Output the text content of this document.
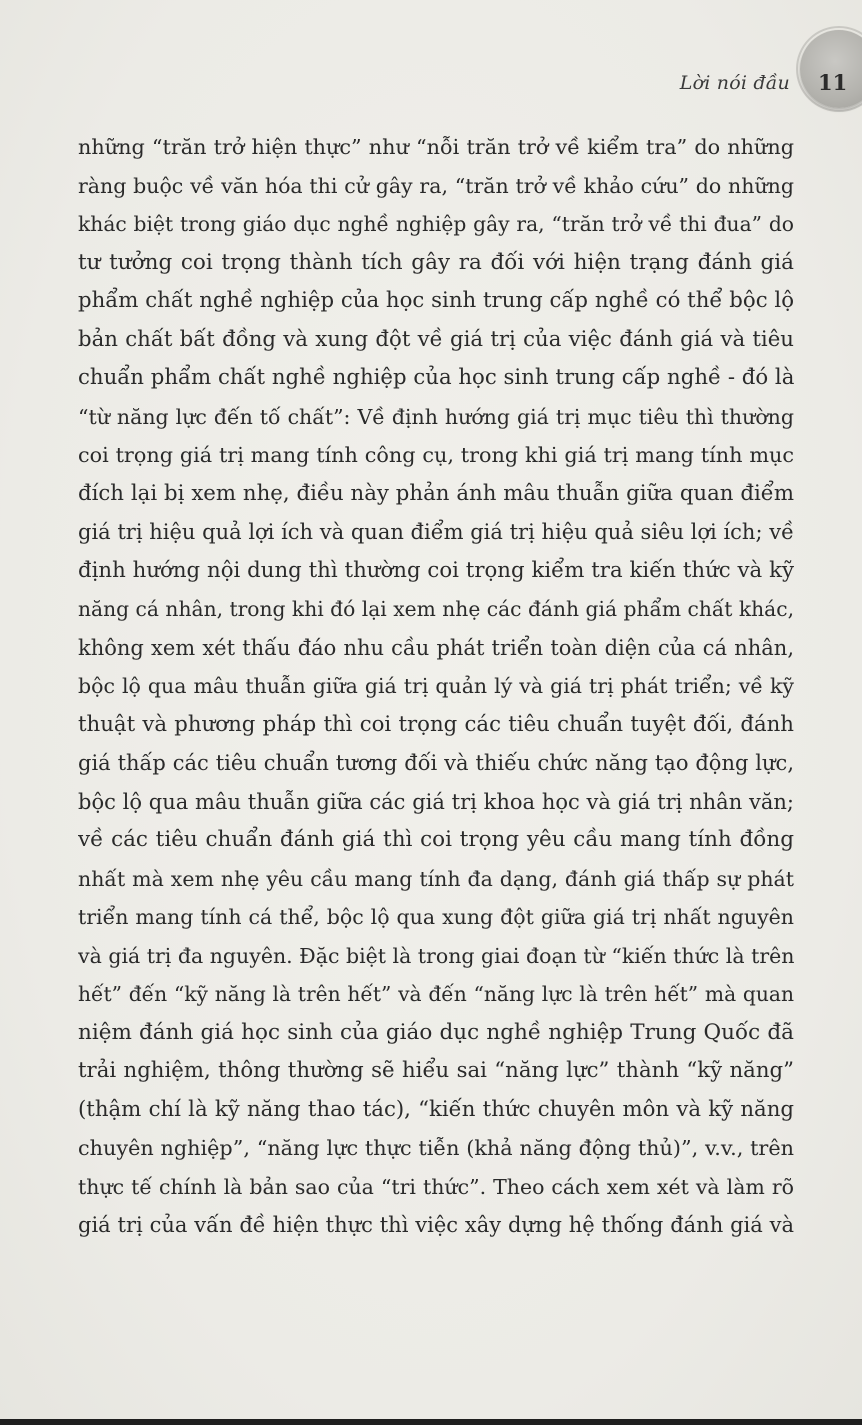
Lời nói đầu 11
những “trăn trở hiện thực” như “nỗi trăn trở về kiểm tra” do những
ràng buộc về văn hóa thi cử gây ra, “trăn trở về khảo cứu” do những
khác biệt trong giáo dục nghề nghiệp gây ra, “trăn trở về thi đua” do
tư tưởng coi trọng thành tích gây ra đối với hiện trạng đánh giá
phẩm chất nghề nghiệp của học sinh trung cấp nghề có thể bộc lộ
bản chất bất đồng và xung đột về giá trị của việc đánh giá và tiêu
chuẩn phẩm chất nghề nghiệp của học sinh trung cấp nghề - đó là
“từ năng lực đến tố chất”: Về định hướng giá trị mục tiêu thì thường
coi trọng giá trị mang tính công cụ, trong khi giá trị mang tính mục
đích lại bị xem nhẹ, điều này phản ánh mâu thuẫn giữa quan điểm
giá trị hiệu quả lợi ích và quan điểm giá trị hiệu quả siêu lợi ích; về
định hướng nội dung thì thường coi trọng kiểm tra kiến thức và kỹ
năng cá nhân, trong khi đó lại xem nhẹ các đánh giá phẩm chất khác,
không xem xét thấu đáo nhu cầu phát triển toàn diện của cá nhân,
bộc lộ qua mâu thuẫn giữa giá trị quản lý và giá trị phát triển; về kỹ
thuật và phương pháp thì coi trọng các tiêu chuẩn tuyệt đối, đánh
giá thấp các tiêu chuẩn tương đối và thiếu chức năng tạo động lực,
bộc lộ qua mâu thuẫn giữa các giá trị khoa học và giá trị nhân văn;
về các tiêu chuẩn đánh giá thì coi trọng yêu cầu mang tính đồng
nhất mà xem nhẹ yêu cầu mang tính đa dạng, đánh giá thấp sự phát
triển mang tính cá thể, bộc lộ qua xung đột giữa giá trị nhất nguyên
và giá trị đa nguyên. Đặc biệt là trong giai đoạn từ “kiến thức là trên
hết” đến “kỹ năng là trên hết” và đến “năng lực là trên hết” mà quan
niệm đánh giá học sinh của giáo dục nghề nghiệp Trung Quốc đã
trải nghiệm, thông thường sẽ hiểu sai “năng lực” thành “kỹ năng”
(thậm chí là kỹ năng thao tác), “kiến thức chuyên môn và kỹ năng
chuyên nghiệp”, “năng lực thực tiễn (khả năng động thủ)”, v.v., trên
thực tế chính là bản sao của “tri thức”. Theo cách xem xét và làm rõ
giá trị của vấn đề hiện thực thì việc xây dựng hệ thống đánh giá và
